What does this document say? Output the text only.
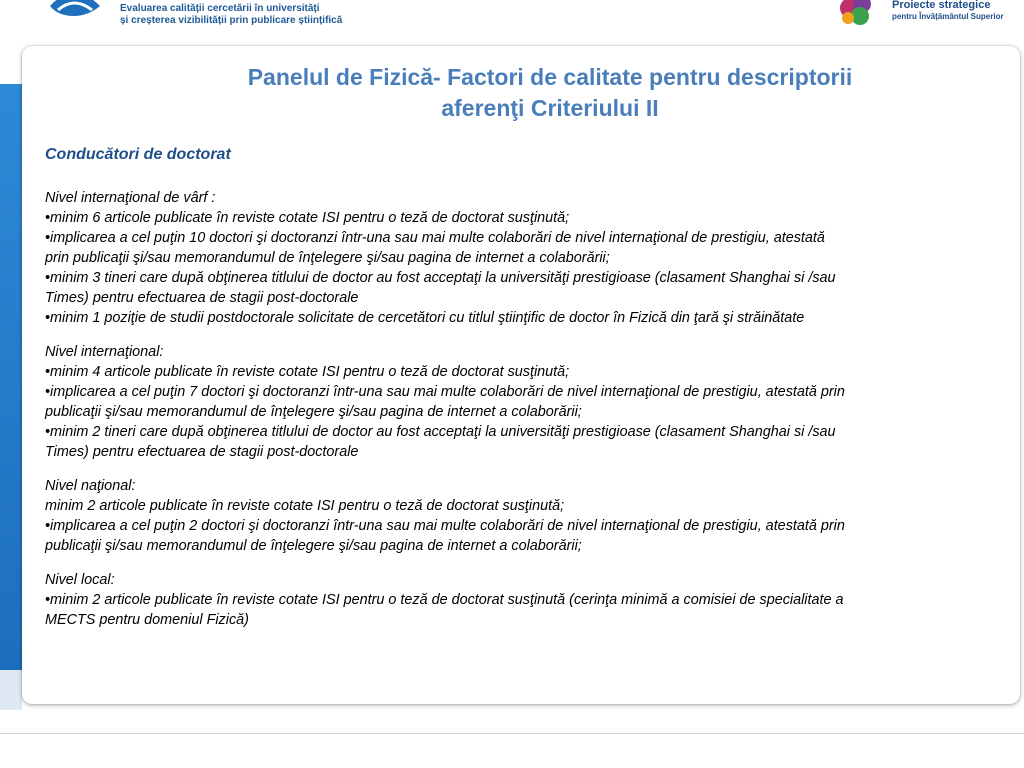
Evaluarea calității cercetării în universități
și creșterea vizibilității prin publicare științifică
Proiecte strategice
pentru Învățământul Superior
Panelul de Fizică- Factori de calitate pentru descriptorii
aferenţi Criteriului II
Conducători de doctorat
Nivel internaţional de vârf :
•minim 6 articole publicate în reviste cotate ISI pentru o teză de doctorat susţinută;
•implicarea a cel puţin 10 doctori şi doctoranzi într-una sau mai multe colaborări de nivel internaţional de prestigiu, atestată
prin publicaţii şi/sau memorandumul de înţelegere şi/sau pagina de internet a colaborării;
•minim 3 tineri care după obţinerea titlului de doctor au fost acceptaţi la universităţi prestigioase (clasament Shanghai si /sau
Times) pentru efectuarea de stagii post-doctorale
•minim 1 poziţie de studii postdoctorale solicitate de cercetători cu titlul ştiinţific de doctor în Fizică din ţară şi străinătate
Nivel internaţional:
•minim 4 articole publicate în reviste cotate ISI pentru o teză de doctorat susţinută;
•implicarea a cel puţin 7 doctori şi doctoranzi într-una sau mai multe colaborări de nivel internaţional de prestigiu, atestată prin
publicaţii şi/sau memorandumul de înţelegere şi/sau pagina de internet a colaborării;
•minim 2 tineri care după obţinerea titlului de doctor au fost acceptaţi la universităţi prestigioase (clasament Shanghai si /sau
Times) pentru efectuarea de stagii post-doctorale
Nivel naţional:
minim 2 articole publicate în reviste cotate ISI pentru o teză de doctorat susţinută;
•implicarea a cel puţin 2 doctori şi doctoranzi într-una sau mai multe colaborări de nivel internaţional de prestigiu, atestată prin
publicaţii şi/sau memorandumul de înţelegere şi/sau pagina de internet a colaborării;
Nivel local:
•minim 2 articole publicate în reviste cotate ISI pentru o teză de doctorat susţinută (cerinţa minimă a comisiei de specialitate a
MECTS pentru domeniul Fizică)
